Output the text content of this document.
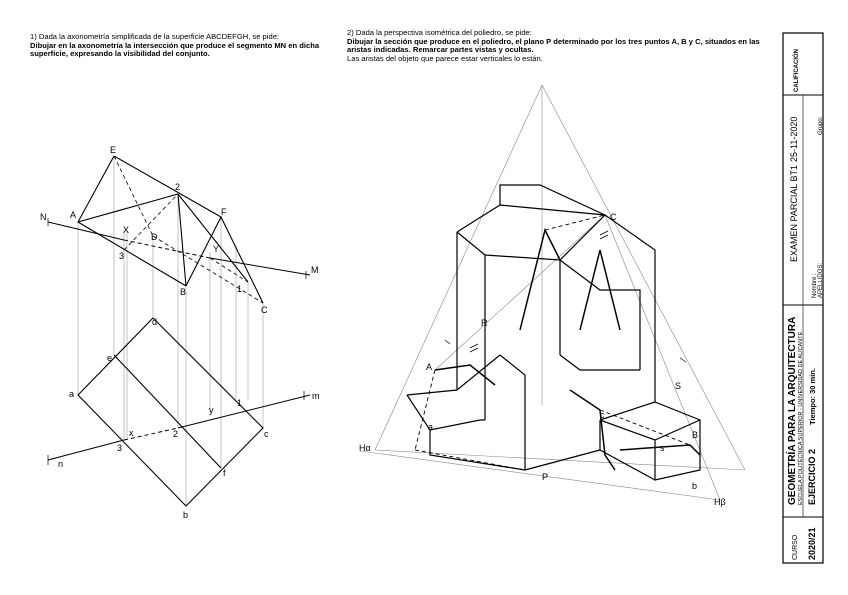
1) Dada la axonometría simplificada de la superficie ABCDEFGH, se pide:
Dibujar en la axonometría la intersección que produce el segmento MN en dicha superficie, expresando la visibilidad del conjunto.
2) Dada la perspectiva isométrica del poliedro, se pide:
Dibujar la sección que produce en el poliedro, el plano P determinado por los tres puntos A, B y C, situados en las aristas indicadas. Remarcar partes vistas y ocultas.
Las aristas del objeto que parece estar verticales lo están.
E
A
N
2
F
X
D
Y
3
M
B	1
C
d
e
a
y
1
m
x	2	c
3
n
f
b
C
R
A
a
S
c
B
s
Hα
P
b
Hβ
CALIFICACIÓN
EXAMEN PARCIAL BT1
25-11-2020
Nombre : APELLIDOS:
Grupo:
GEOMETRÍA PARA LA ARQUITECTURA ESCUELA POLITÉCNICA SUPERIOR - UNIVERSIDAD DE ALICANTE EJERCICIO 2
Tiempo: 30 min.
CURSO 2020/21
